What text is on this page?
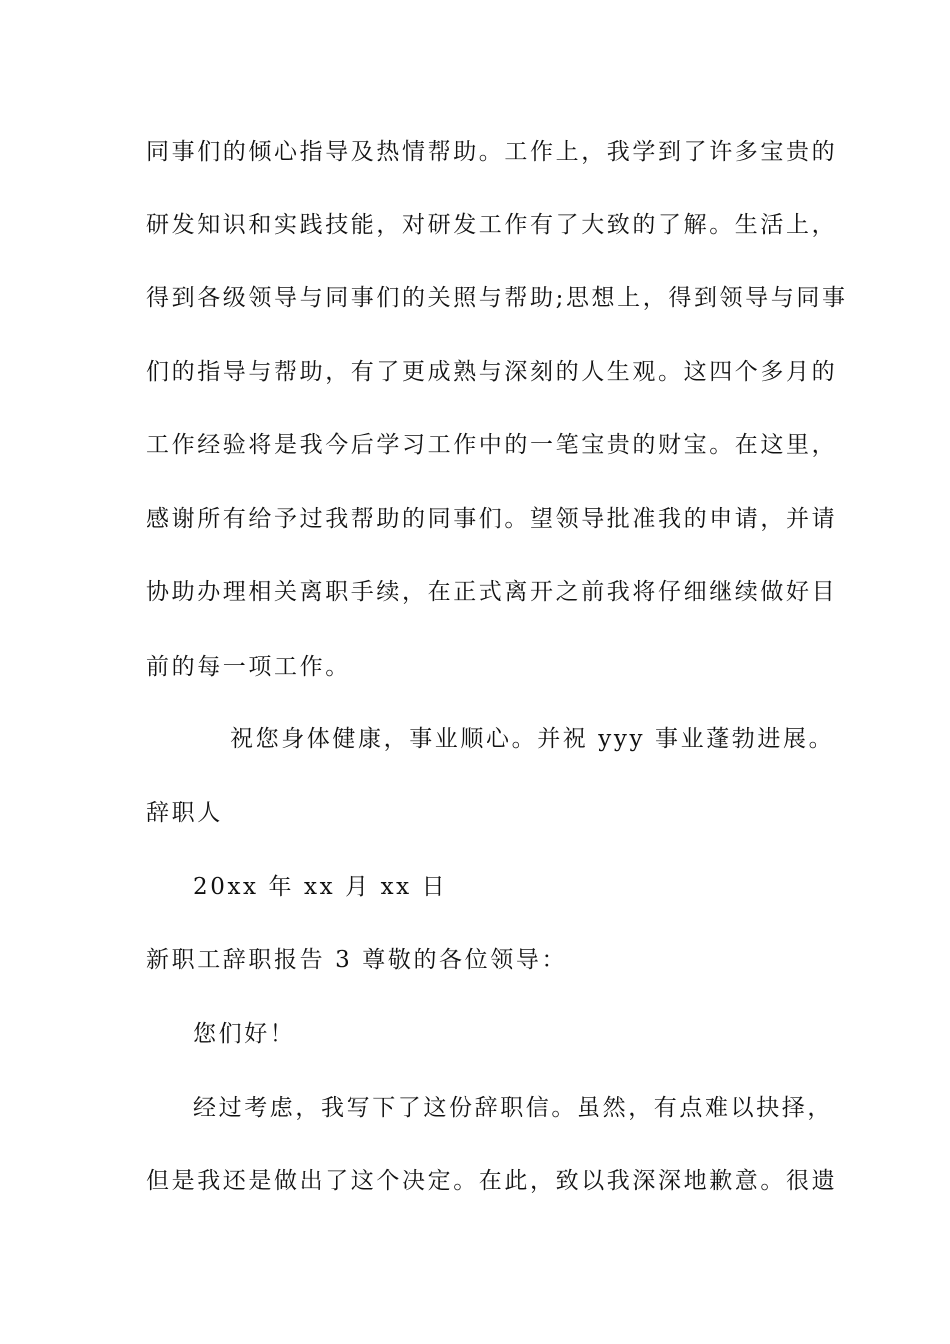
同事们的倾心指导及热情帮助。工作上，我学到了许多宝贵的
研发知识和实践技能，对研发工作有了大致的了解。生活上，
得到各级领导与同事们的关照与帮助;思想上，得到领导与同事
们的指导与帮助，有了更成熟与深刻的人生观。这四个多月的
工作经验将是我今后学习工作中的一笔宝贵的财宝。在这里，
感谢所有给予过我帮助的同事们。望领导批准我的申请，并请
协助办理相关离职手续，在正式离开之前我将仔细继续做好目
前的每一项工作。
祝您身体健康，事业顺心。并祝 yyy 事业蓬勃进展。
辞职人
20xx 年 xx 月 xx 日
新职工辞职报告 3 尊敬的各位领导：
您们好！
经过考虑，我写下了这份辞职信。虽然，有点难以抉择，
但是我还是做出了这个决定。在此，致以我深深地歉意。很遗
